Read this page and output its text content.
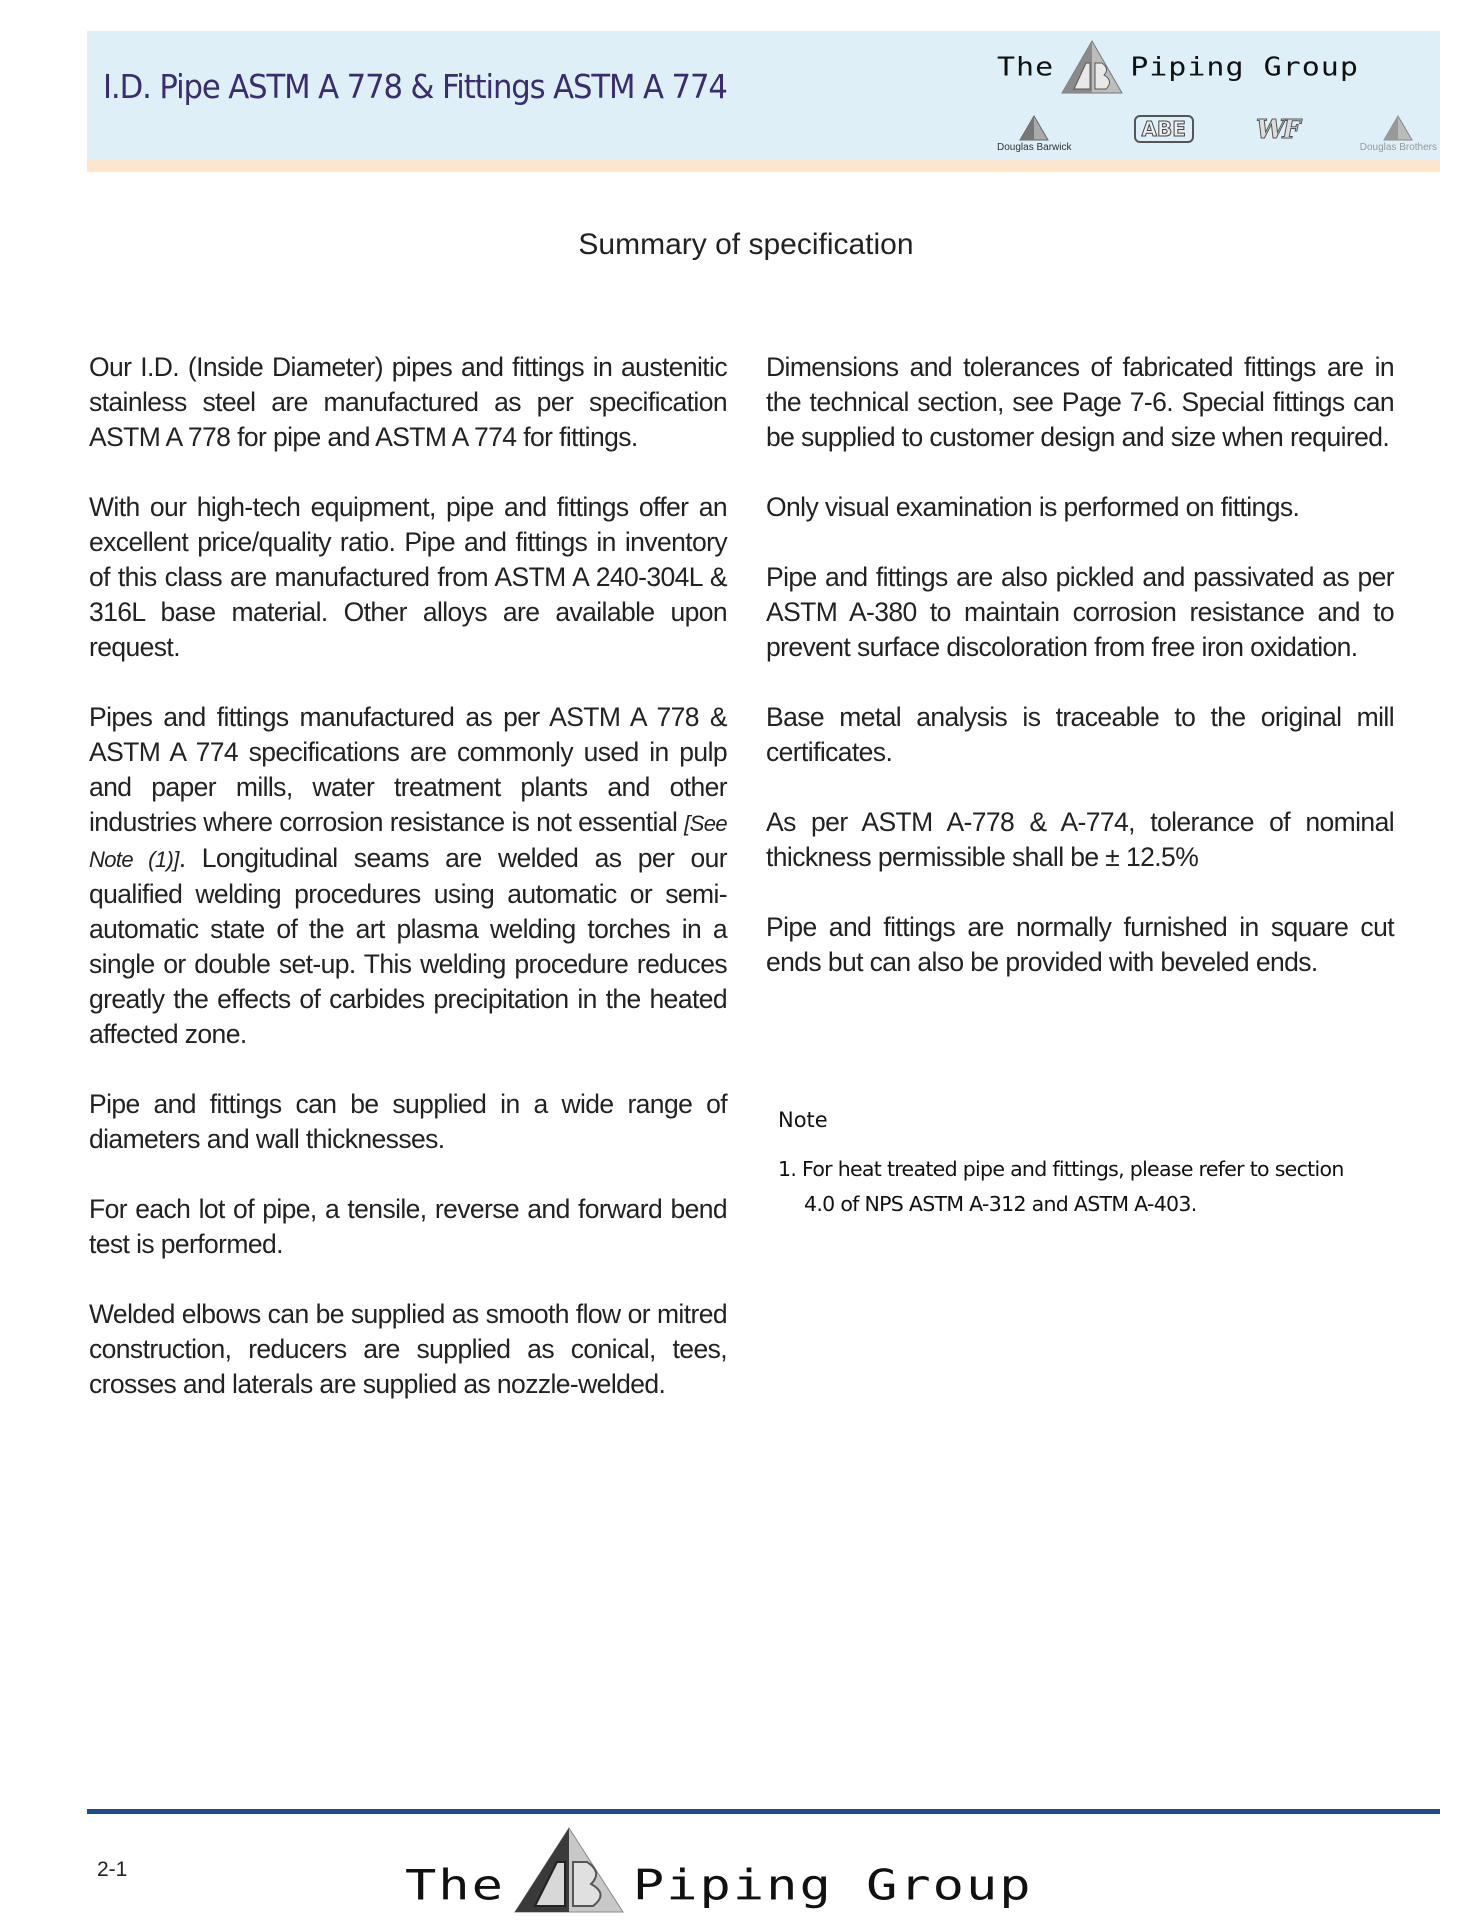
I.D. Pipe ASTM A 778 & Fittings ASTM A 774	The	Piping Group
Douglas Barwick
ABE	WF
Douglas Brothers
Summary of specification

Our I.D. (Inside Diameter) pipes and fittings in austenitic stainless steel are manufactured as per specification ASTM A 778 for pipe and ASTM A 774 for fittings.

With our high-tech equipment, pipe and fittings offer an excellent price/quality ratio. Pipe and fittings in inventory of this class are manufactured from ASTM A 240-304L & 316L base material. Other alloys are available upon request.

Pipes and fittings manufactured as per ASTM A 778 & ASTM A 774 specifications are commonly used in pulp and paper mills, water treatment plants and other industries where corrosion resistance is not essential [See Note (1)]. Longitudinal seams are welded as per our qualified welding procedures using automatic or semi-automatic state of the art plasma welding torches in a single or double set-up. This welding procedure reduces greatly the effects of carbides precipitation in the heated affected zone.

Pipe and fittings can be supplied in a wide range of diameters and wall thicknesses.

For each lot of pipe, a tensile, reverse and forward bend test is performed.

Welded elbows can be supplied as smooth flow or mitred construction, reducers are supplied as conical, tees, crosses and laterals are supplied as nozzle-welded.

Dimensions and tolerances of fabricated fittings are in the technical section, see Page 7-6. Special fittings can be supplied to customer design and size when required.

Only visual examination is performed on fittings.

Pipe and fittings are also pickled and passivated as per ASTM A-380 to maintain corrosion resistance and to prevent surface discoloration from free iron oxidation.

Base metal analysis is traceable to the original mill certificates.

As per ASTM A-778 & A-774, tolerance of nominal thickness permissible shall be ± 12.5%

Pipe and fittings are normally furnished in square cut ends but can also be provided with beveled ends.

Note
1. For heat treated pipe and fittings, please refer to section 4.0 of NPS ASTM A-312 and ASTM A-403.
2-1	The Piping Group
